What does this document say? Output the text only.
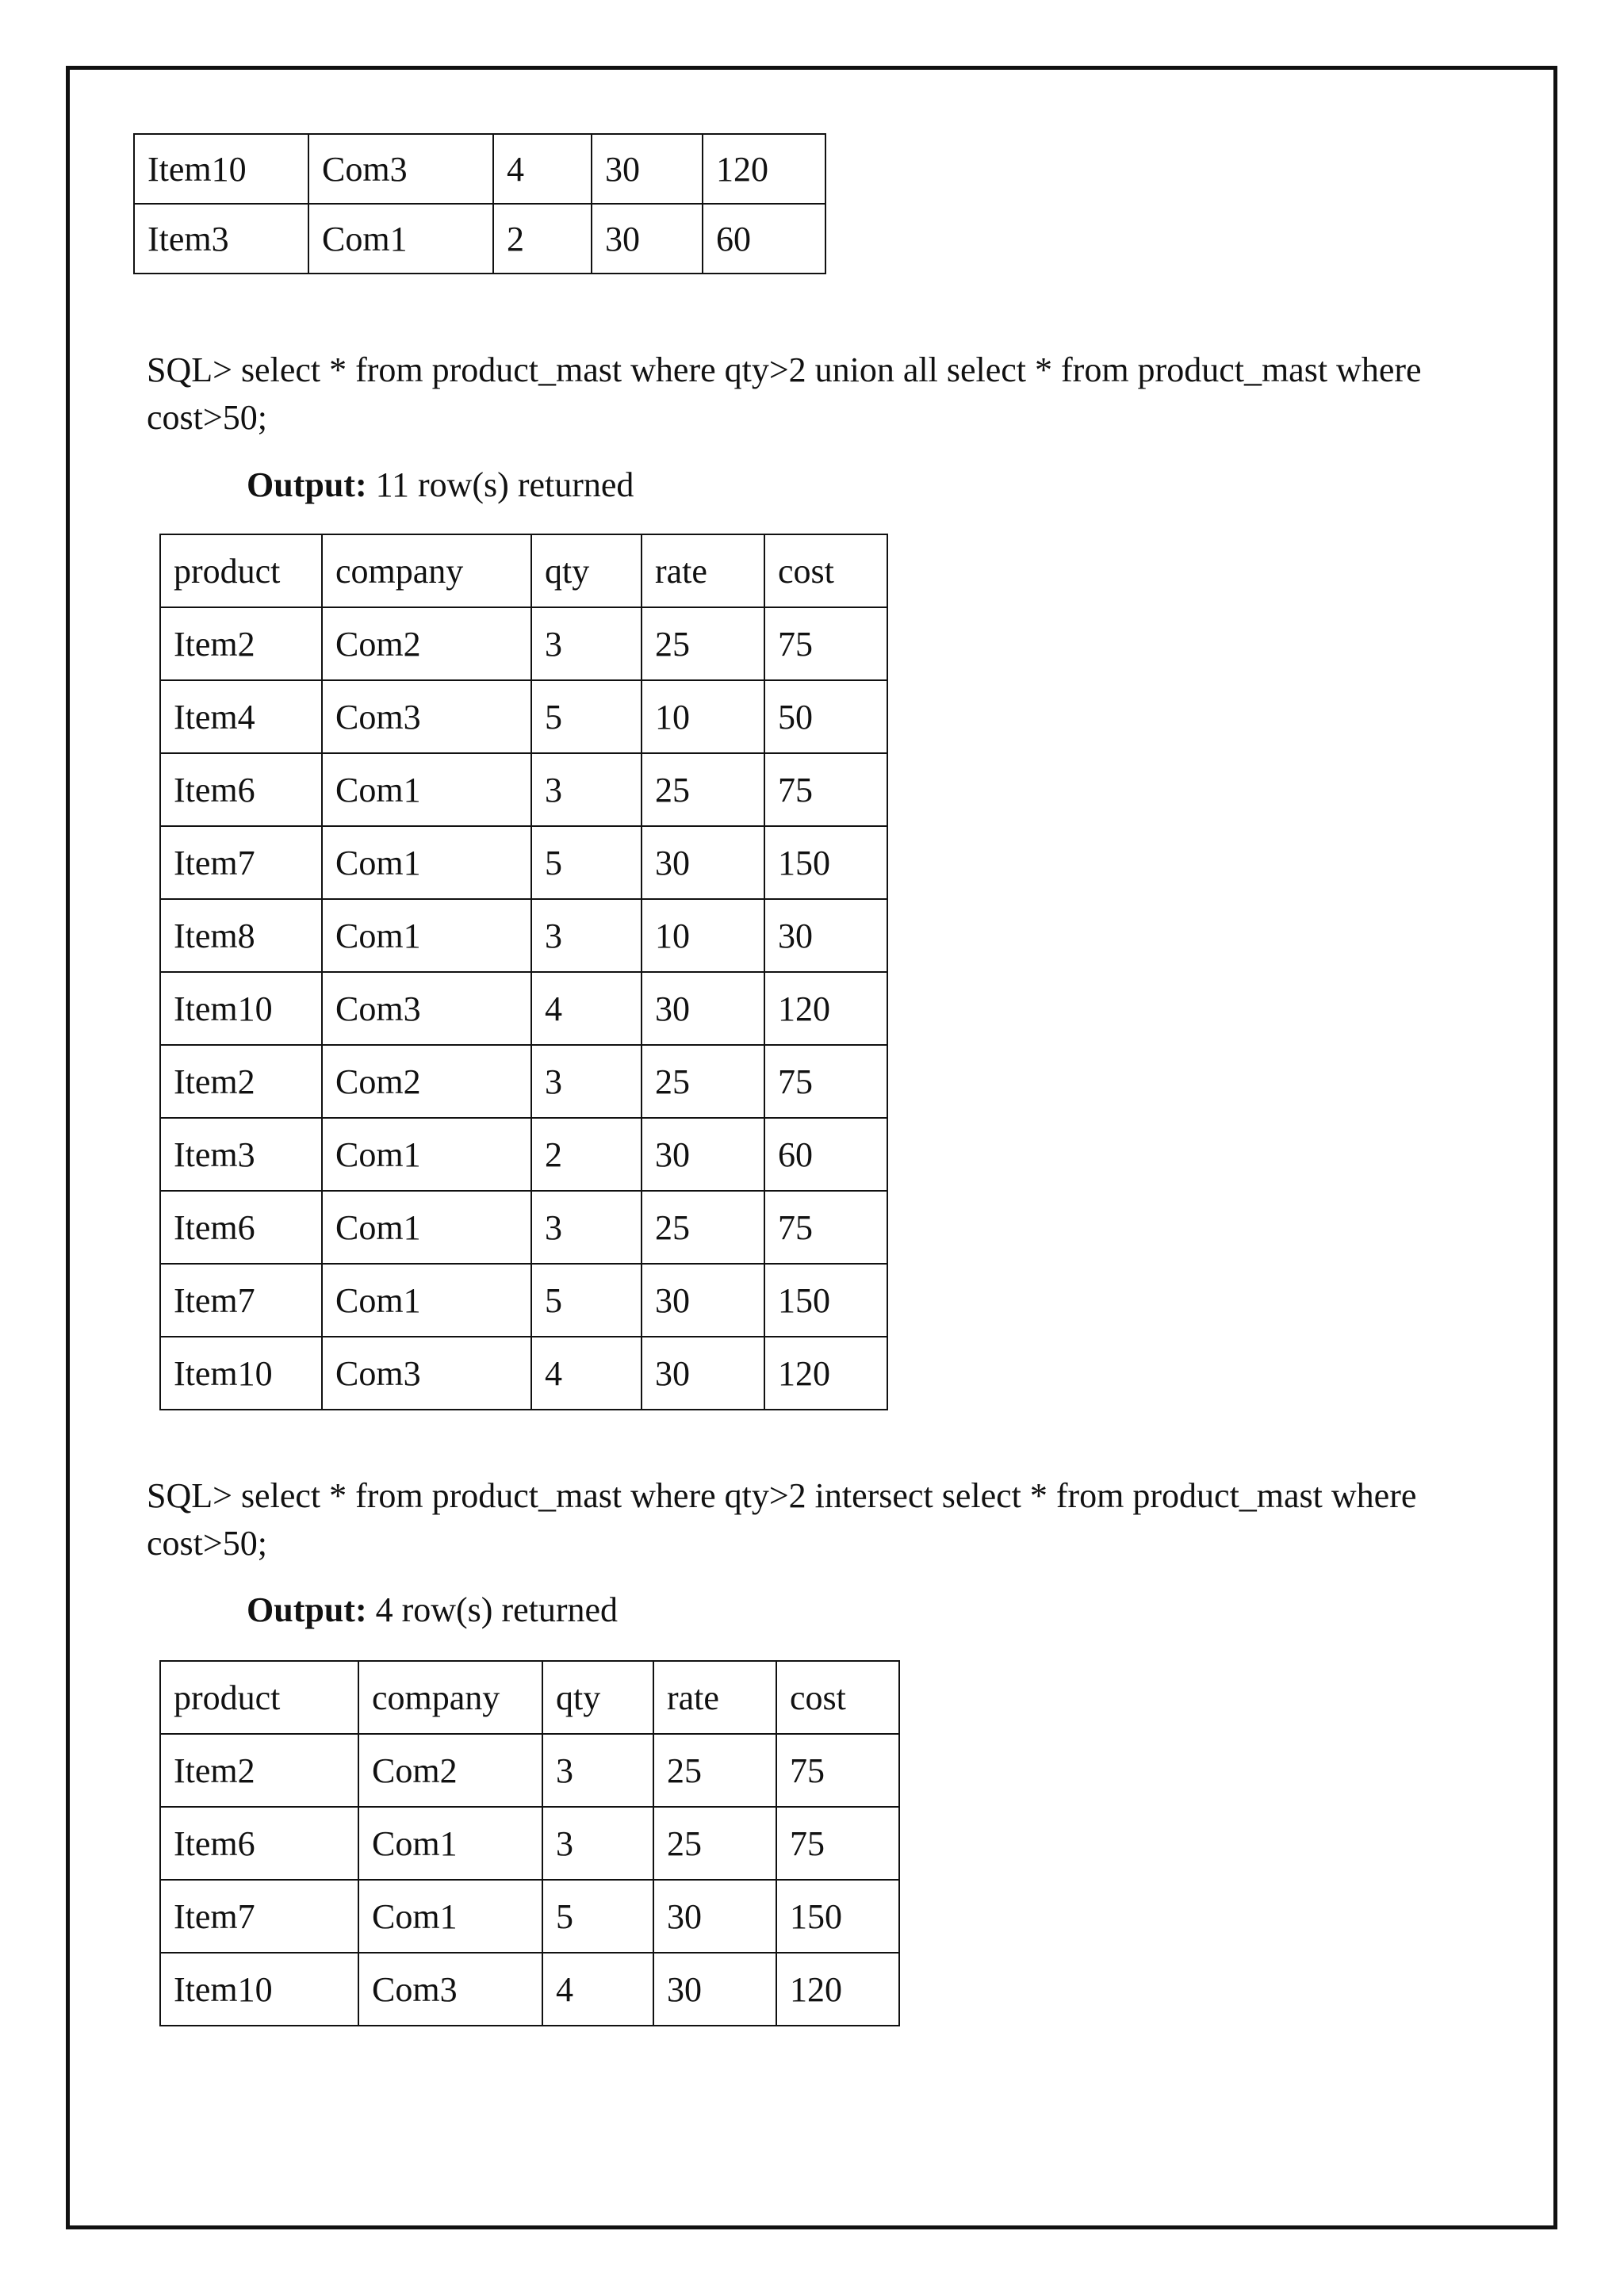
Item10	Com3	4	30	120
Item3	Com1	2	30	60

SQL> select * from product_mast where qty>2 union all select * from product_mast where
cost>50;

Output: 11 row(s) returned

product	company	qty	rate	cost
Item2	Com2	3	25	75
Item4	Com3	5	10	50
Item6	Com1	3	25	75
Item7	Com1	5	30	150
Item8	Com1	3	10	30
Item10	Com3	4	30	120
Item2	Com2	3	25	75
Item3	Com1	2	30	60
Item6	Com1	3	25	75
Item7	Com1	5	30	150
Item10	Com3	4	30	120

SQL> select * from product_mast where qty>2 intersect select * from product_mast where
cost>50;

Output: 4 row(s) returned

product	company	qty	rate	cost
Item2	Com2	3	25	75
Item6	Com1	3	25	75
Item7	Com1	5	30	150
Item10	Com3	4	30	120
